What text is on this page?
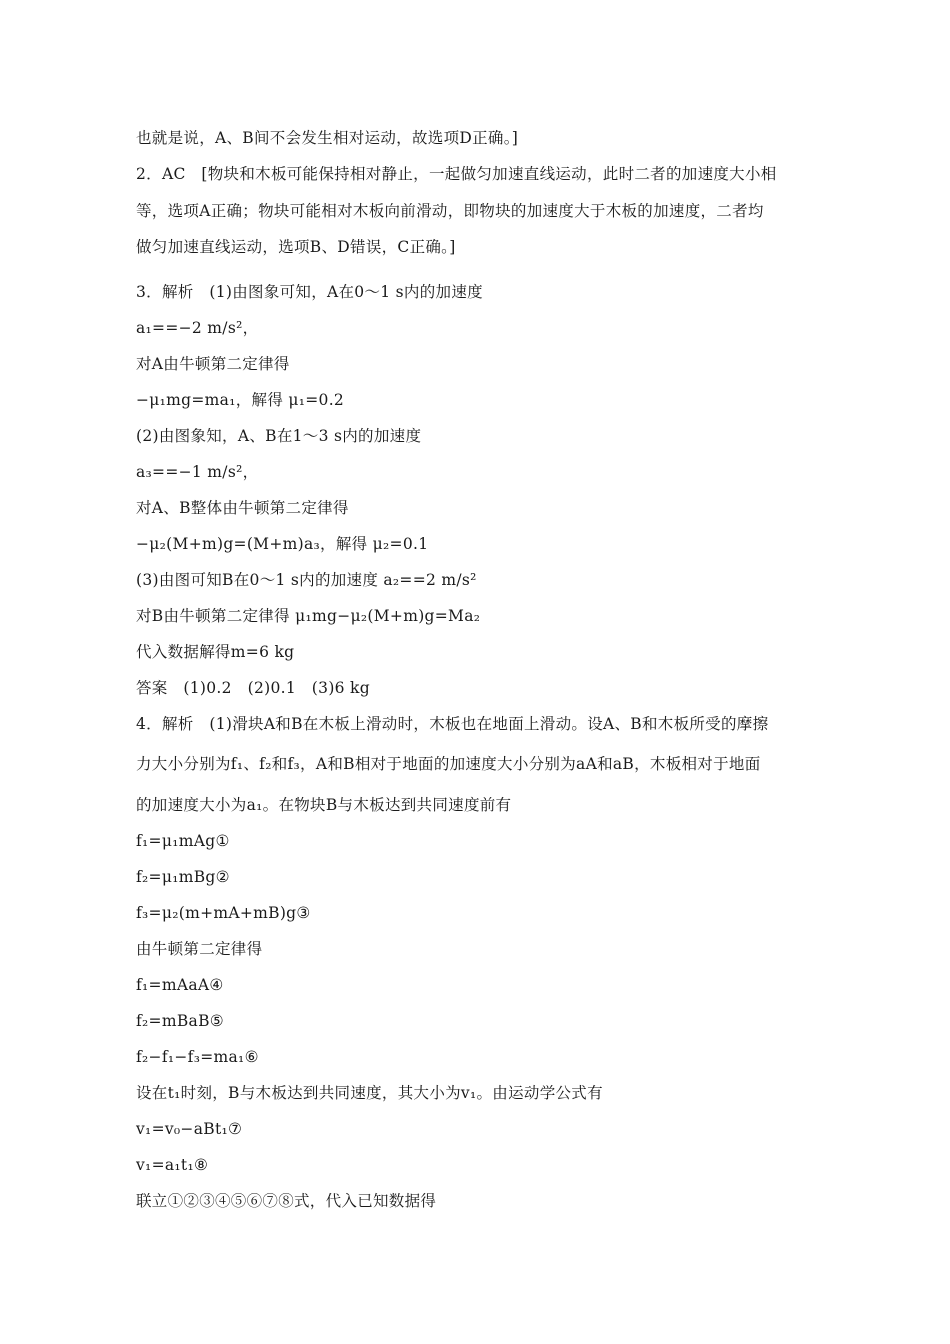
也就是说，A、B间不会发生相对运动，故选项D正确。]
2．AC　[物块和木板可能保持相对静止，一起做匀加速直线运动，此时二者的加速度大小相
等，选项A正确；物块可能相对木板向前滑动，即物块的加速度大于木板的加速度，二者均
做匀加速直线运动，选项B、D错误，C正确。]
3．解析　(1)由图象可知，A在0～1 s内的加速度
a₁==−2 m/s²，
对A由牛顿第二定律得
−μ₁mg=ma₁，解得 μ₁=0.2
(2)由图象知，A、B在1～3 s内的加速度
a₃==−1 m/s²，
对A、B整体由牛顿第二定律得
−μ₂(M+m)g=(M+m)a₃，解得 μ₂=0.1
(3)由图可知B在0～1 s内的加速度 a₂==2 m/s²
对B由牛顿第二定律得 μ₁mg−μ₂(M+m)g=Ma₂
代入数据解得m=6 kg
答案　(1)0.2　(2)0.1　(3)6 kg
4．解析　(1)滑块A和B在木板上滑动时，木板也在地面上滑动。设A、B和木板所受的摩擦
力大小分别为f₁、f₂和f₃，A和B相对于地面的加速度大小分别为aA和aB，木板相对于地面
的加速度大小为a₁。在物块B与木板达到共同速度前有
f₁=μ₁mAg①
f₂=μ₁mBg②
f₃=μ₂(m+mA+mB)g③
由牛顿第二定律得
f₁=mAaA④
f₂=mBaB⑤
f₂−f₁−f₃=ma₁⑥
设在t₁时刻，B与木板达到共同速度，其大小为v₁。由运动学公式有
v₁=v₀−aBt₁⑦
v₁=a₁t₁⑧
联立①②③④⑤⑥⑦⑧式，代入已知数据得
